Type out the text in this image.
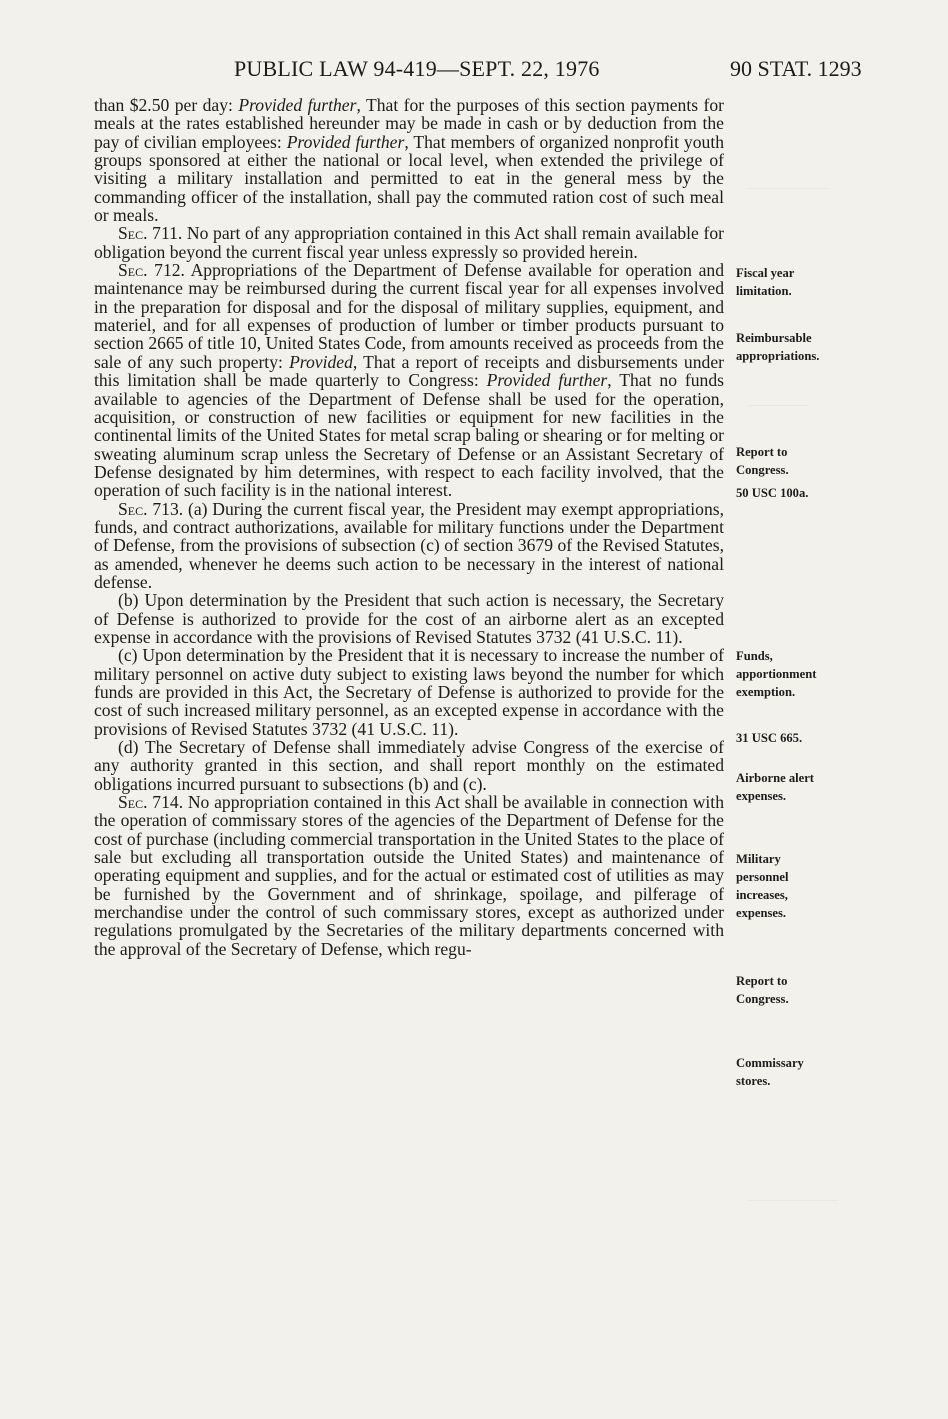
PUBLIC LAW 94-419—SEPT. 22, 1976	90 STAT. 1293

than $2.50 per day: Provided further, That for the purposes of this section payments for meals at the rates established hereunder may be made in cash or by deduction from the pay of civilian employees: Provided further, That members of organized nonprofit youth groups sponsored at either the national or local level, when extended the privilege of visiting a military installation and permitted to eat in the general mess by the commanding officer of the installation, shall pay the commuted ration cost of such meal or meals.

Sec. 711. No part of any appropriation contained in this Act shall remain available for obligation beyond the current fiscal year unless expressly so provided herein.

Sec. 712. Appropriations of the Department of Defense available for operation and maintenance may be reimbursed during the current fiscal year for all expenses involved in the preparation for disposal and for the disposal of military supplies, equipment, and materiel, and for all expenses of production of lumber or timber products pursuant to section 2665 of title 10, United States Code, from amounts received as proceeds from the sale of any such property: Provided, That a report of receipts and disbursements under this limitation shall be made quarterly to Congress: Provided further, That no funds available to agencies of the Department of Defense shall be used for the operation, acquisition, or construction of new facilities or equipment for new facilities in the continental limits of the United States for metal scrap baling or shearing or for melting or sweating aluminum scrap unless the Secretary of Defense or an Assistant Secretary of Defense designated by him determines, with respect to each facility involved, that the operation of such facility is in the national interest.

Sec. 713. (a) During the current fiscal year, the President may exempt appropriations, funds, and contract authorizations, available for military functions under the Department of Defense, from the provisions of subsection (c) of section 3679 of the Revised Statutes, as amended, whenever he deems such action to be necessary in the interest of national defense.

(b) Upon determination by the President that such action is necessary, the Secretary of Defense is authorized to provide for the cost of an airborne alert as an excepted expense in accordance with the provisions of Revised Statutes 3732 (41 U.S.C. 11).

(c) Upon determination by the President that it is necessary to increase the number of military personnel on active duty subject to existing laws beyond the number for which funds are provided in this Act, the Secretary of Defense is authorized to provide for the cost of such increased military personnel, as an excepted expense in accordance with the provisions of Revised Statutes 3732 (41 U.S.C. 11).

(d) The Secretary of Defense shall immediately advise Congress of the exercise of any authority granted in this section, and shall report monthly on the estimated obligations incurred pursuant to subsections (b) and (c).

Sec. 714. No appropriation contained in this Act shall be available in connection with the operation of commissary stores of the agencies of the Department of Defense for the cost of purchase (including commercial transportation in the United States to the place of sale but excluding all transportation outside the United States) and maintenance of operating equipment and supplies, and for the actual or estimated cost of utilities as may be furnished by the Government and of shrinkage, spoilage, and pilferage of merchandise under the control of such commissary stores, except as authorized under regulations promulgated by the Secretaries of the military departments concerned with the approval of the Secretary of Defense, which regu-

Fiscal year
limitation.
Reimbursable
appropriations.
Report to
Congress.
50 USC 100a.
Funds,
apportionment
exemption.
31 USC 665.
Airborne alert
expenses.
Military
personnel
increases,
expenses.
Report to
Congress.
Commissary
stores.
